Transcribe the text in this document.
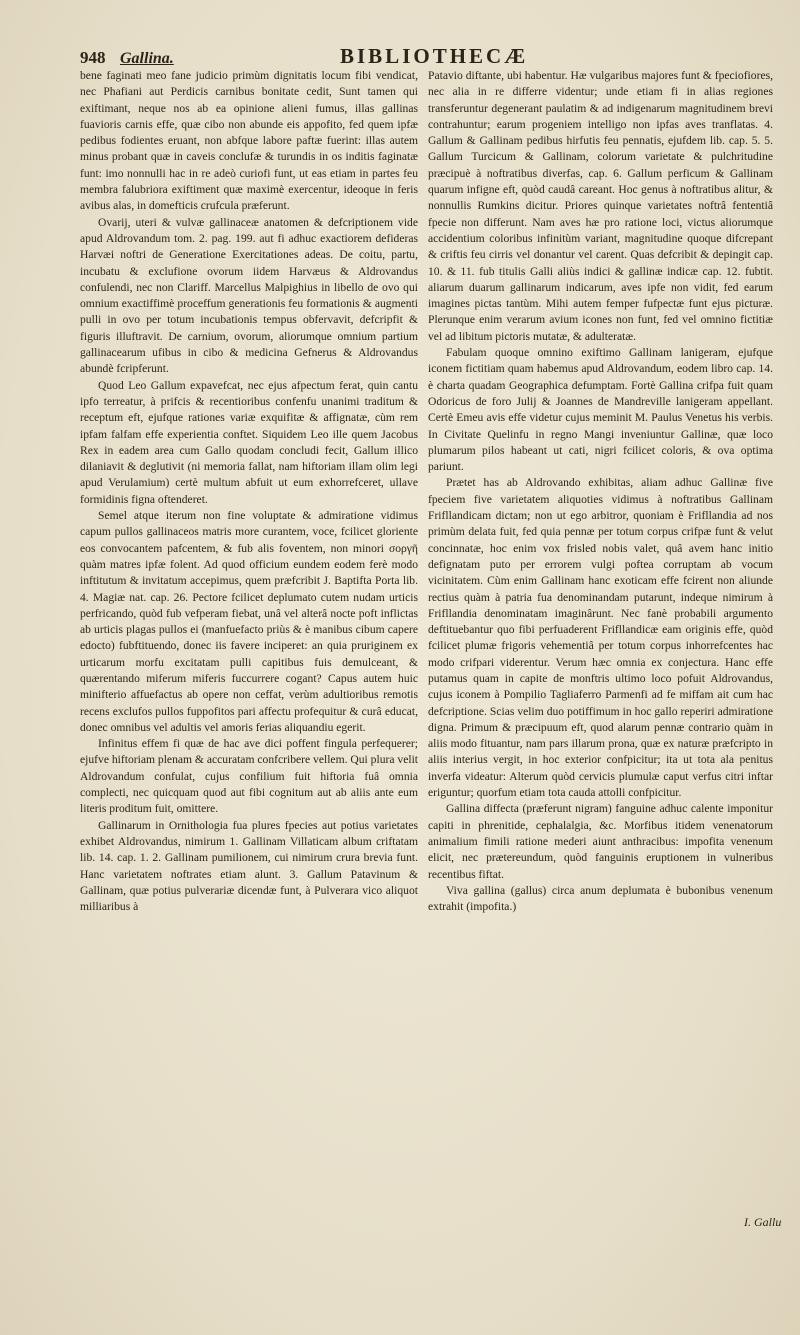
948 Gallina.	BIBLIOTHECÆ

bene faginati meo fane judicio primùm dignitatis locum fibi vendicat, nec Phafiani aut Perdicis carnibus bonitate cedit, Sunt tamen qui exiftimant, neque nos ab ea opinione alieni fumus, illas gallinas fuavioris carnis effe, quæ cibo non abunde eis appofito, fed quem ipfæ pedibus fodientes eruant, non abfque labore paftæ fuerint: illas autem minus probant quæ in caveis conclufæ & turundis in os inditis faginatæ funt: imo nonnulli hac in re adeò curiofi funt, ut eas etiam in partes feu membra falubriora exiftiment quæ maximè exercentur, ideoque in feris avibus alas, in domefticis crufcula præferunt.

Ovarij, uteri & vulvæ gallinaceæ anatomen & defcriptionem vide apud Aldrovandum tom. 2. pag. 199. aut fi adhuc exactiorem defideras Harvæi noftri de Generatione Exercitationes adeas. De coitu, partu, incubatu & exclufione ovorum iidem Harvæus & Aldrovandus confulendi, nec non Clariff. Marcellus Malpighius in libello de ovo qui omnium exactiffimè proceffum generationis feu formationis & augmenti pulli in ovo per totum incubationis tempus obfervavit, defcripfit & figuris illuftravit. De carnium, ovorum, aliorumque omnium partium gallinacearum ufibus in cibo & medicina Gefnerus & Aldrovandus abundè fcripferunt.

Quod Leo Gallum expavefcat, nec ejus afpectum ferat, quin cantu ipfo terreatur, à prifcis & recentioribus confenfu unanimi traditum & receptum eft, ejufque rationes variæ exquifitæ & affignatæ, cùm rem ipfam falfam effe experientia conftet. Siquidem Leo ille quem Jacobus Rex in eadem area cum Gallo quodam concludi fecit, Gallum illico dilaniavit & deglutivit (ni memoria fallat, nam hiftoriam illam olim legi apud Verulamium) certè multum abfuit ut eum exhorrefceret, ullave formidinis figna oftenderet.

Semel atque iterum non fine voluptate & admiratione vidimus capum pullos gallinaceos matris more curantem, voce, fcilicet gloriente eos convocantem pafcentem, & fub alis foventem, non minori σοργῆ quàm matres ipfæ folent. Ad quod officium eundem eodem ferè modo inftitutum & invitatum accepimus, quem præfcribit J. Baptifta Porta lib. 4. Magiæ nat. cap. 26. Pectore fcilicet deplumato cutem nudam urticis perfricando, quòd fub vefperam fiebat, unâ vel alterâ nocte poft inflictas ab urticis plagas pullos ei (manfuefacto priùs & è manibus cibum capere edocto) fubftituendo, donec iis favere inciperet: an quia pruriginem ex urticarum morfu excitatam pulli capitibus fuis demulceant, & quærentando miferum miferis fuccurrere cogant? Capus autem huic minifterio affuefactus ab opere non ceffat, verùm adultioribus remotis recens exclufos pullos fuppofitos pari affectu profequitur & curâ educat, donec omnibus vel adultis vel amoris ferias aliquandiu egerit.

Infinitus effem fi quæ de hac ave dici poffent fingula perfequerer; ejufve hiftoriam plenam & accuratam confcribere vellem. Qui plura velit Aldrovandum confulat, cujus confilium fuit hiftoria fuâ omnia complecti, nec quicquam quod aut fibi cognitum aut ab aliis ante eum literis proditum fuit, omittere.

Gallinarum in Ornithologia fua plures fpecies aut potius varietates exhibet Aldrovandus, nimirum 1. Gallinam Villaticam album criftatam lib. 14. cap. 1. 2. Gallinam pumilionem, cui nimirum crura brevia funt. Hanc varietatem noftrates etiam alunt. 3. Gallum Patavinum & Gallinam, quæ potius pulverariæ dicendæ funt, à Pulverara vico aliquot milliaribus à

Patavio diftante, ubi habentur. Hæ vulgaribus majores funt & fpeciofiores, nec alia in re differre videntur; unde etiam fi in alias regiones transferuntur degenerant paulatim & ad indigenarum magnitudinem brevi contrahuntur; earum progeniem intelligo non ipfas aves tranflatas. 4. Gallum & Gallinam pedibus hirfutis feu pennatis, ejufdem lib. cap. 5. 5. Gallum Turcicum & Gallinam, colorum varietate & pulchritudine præcipuè à noftratibus diverfas, cap. 6. Gallum perficum & Gallinam quarum infigne eft, quòd caudâ careant. Hoc genus à noftratibus alitur, & nonnullis Rumkins dicitur. Priores quinque varietates noftrâ fententiâ fpecie non differunt. Nam aves hæ pro ratione loci, victus aliorumque accidentium coloribus infinitùm variant, magnitudine quoque difcrepant & criftis feu cirris vel donantur vel carent. Quas defcribit & depingit cap. 10. & 11. fub titulis Galli aliùs indici & gallinæ indicæ cap. 12. fubtit. aliarum duarum gallinarum indicarum, aves ipfe non vidit, fed earum imagines pictas tantùm. Mihi autem femper fufpectæ funt ejus picturæ. Plerunque enim verarum avium icones non funt, fed vel omnino fictitiæ vel ad libitum pictoris mutatæ, & adulteratæ.

Fabulam quoque omnino exiftimo Gallinam lanigeram, ejufque iconem fictitiam quam habemus apud Aldrovandum, eodem libro cap. 14. è charta quadam Geographica defumptam. Fortè Gallina crifpa fuit quam Odoricus de foro Julij & Joannes de Mandreville lanigeram appellant. Certè Emeu avis effe videtur cujus meminit M. Paulus Venetus his verbis. In Civitate Quelinfu in regno Mangi inveniuntur Gallinæ, quæ loco plumarum pilos habeant ut cati, nigri fcilicet coloris, & ova optima pariunt.

Prætet has ab Aldrovando exhibitas, aliam adhuc Gallinæ five fpeciem five varietatem aliquoties vidimus à noftratibus Gallinam Frifllandicam dictam; non ut ego arbitror, quoniam è Frifllandia ad nos primùm delata fuit, fed quia pennæ per totum corpus crifpæ funt & velut concinnatæ, hoc enim vox frisled nobis valet, quâ avem hanc initio defignatam puto per errorem vulgi poftea corruptam ab vocum vicinitatem. Cùm enim Gallinam hanc exoticam effe fcirent non aliunde rectius quàm à patria fua denominandam putarunt, indeque nimirum à Frifllandia denominatam imaginârunt. Nec fanè probabili argumento deftituebantur quo fibi perfuaderent Frifllandicæ eam originis effe, quòd fcilicet plumæ frigoris vehementiâ per totum corpus inhorrefcentes hac modo crifpari viderentur. Verum hæc omnia ex conjectura. Hanc effe putamus quam in capite de monftris ultimo loco pofuit Aldrovandus, cujus iconem à Pompilio Tagliaferro Parmenfi ad fe miffam ait cum hac defcriptione. Scias velim duo potiffimum in hoc gallo reperiri admiratione digna. Primum & præcipuum eft, quod alarum pennæ contrario quàm in aliis modo fituantur, nam pars illarum prona, quæ ex naturæ præfcripto in aliis interius vergit, in hoc exterior confpicitur; ita ut tota ala penitus inverfa videatur: Alterum quòd cervicis plumulæ caput verfus citri inftar eriguntur; quorfum etiam tota cauda attolli confpicitur.

Gallina diffecta (præferunt nigram) fanguine adhuc calente imponitur capiti in phrenitide, cephalalgia, &c. Morfibus itidem venenatorum animalium fimili ratione mederi aiunt anthracibus: impofita venenum elicit, nec prætereundum, quòd fanguinis eruptionem in vulneribus recentibus fiftat.

Viva gallina (gallus) circa anum deplumata è bubonibus venenum extrahit (impofita.)

I. Gallu
